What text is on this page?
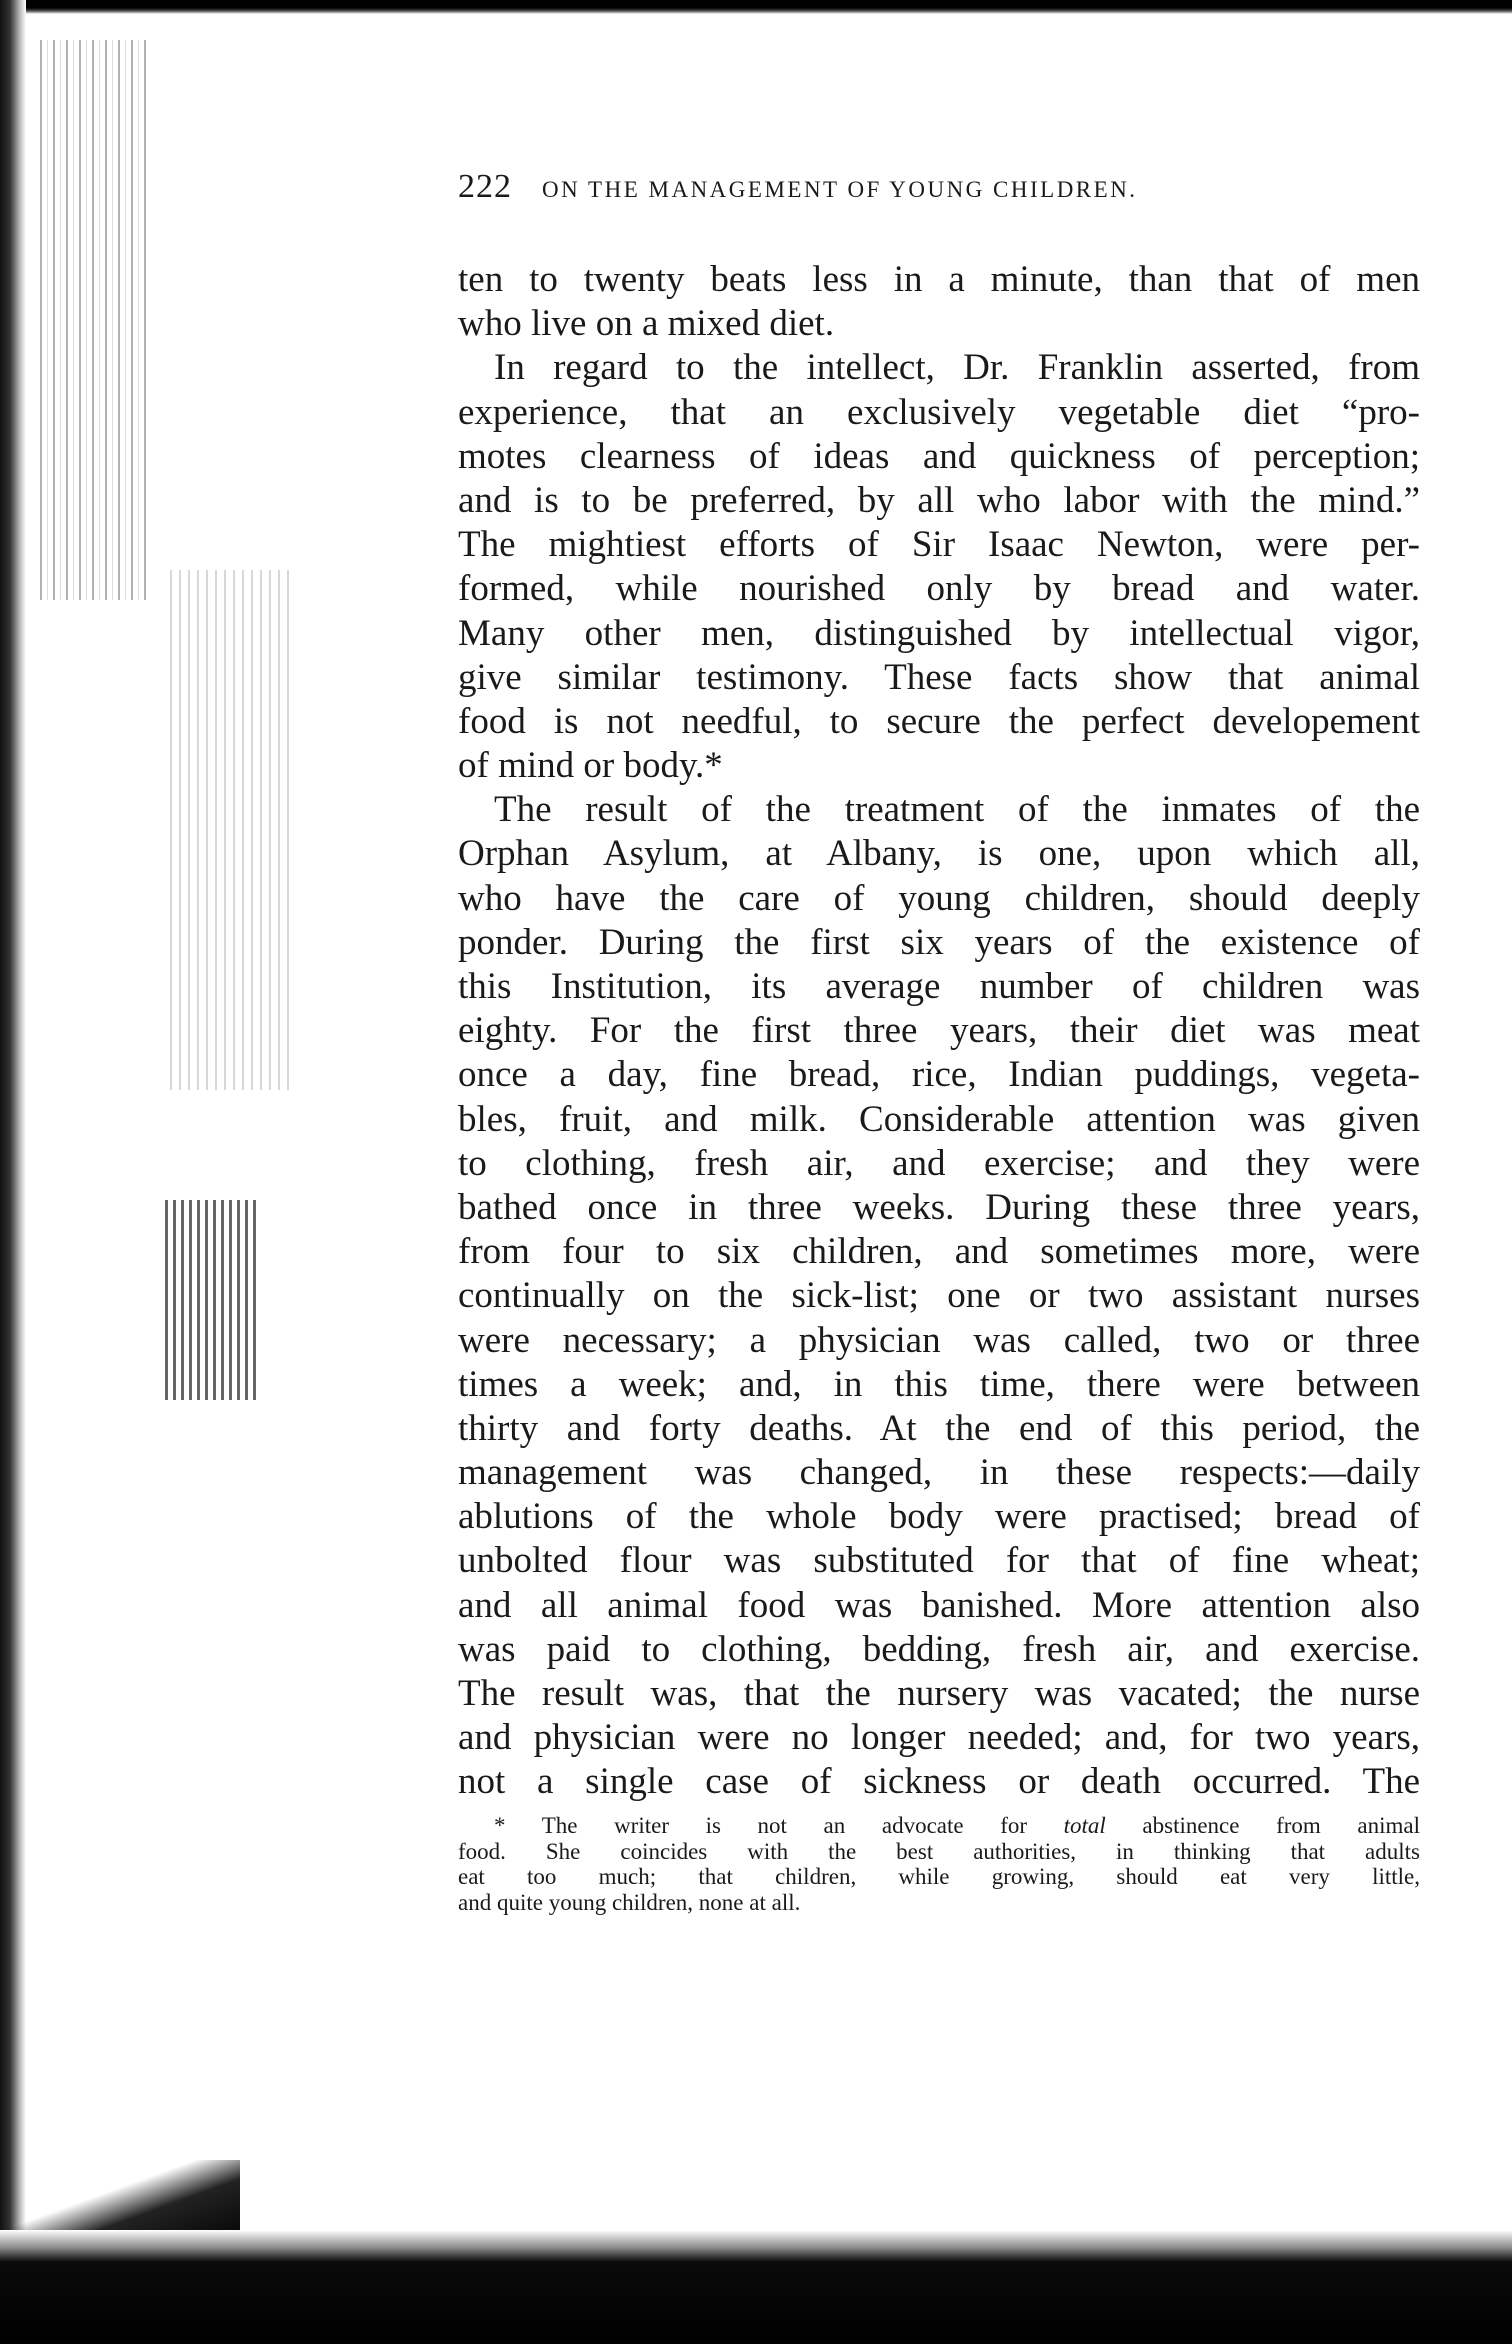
222 ON THE MANAGEMENT OF YOUNG CHILDREN.
ten to twenty beats less in a minute, than that of men
who live on a mixed diet.
In regard to the intellect, Dr. Franklin asserted, from
experience, that an exclusively vegetable diet “pro-
motes clearness of ideas and quickness of perception;
and is to be preferred, by all who labor with the mind.”
The mightiest efforts of Sir Isaac Newton, were per-
formed, while nourished only by bread and water.
Many other men, distinguished by intellectual vigor,
give similar testimony. These facts show that animal
food is not needful, to secure the perfect developement
of mind or body.*
The result of the treatment of the inmates of the
Orphan Asylum, at Albany, is one, upon which all,
who have the care of young children, should deeply
ponder. During the first six years of the existence of
this Institution, its average number of children was
eighty. For the first three years, their diet was meat
once a day, fine bread, rice, Indian puddings, vegeta-
bles, fruit, and milk. Considerable attention was given
to clothing, fresh air, and exercise; and they were
bathed once in three weeks. During these three years,
from four to six children, and sometimes more, were
continually on the sick-list; one or two assistant nurses
were necessary; a physician was called, two or three
times a week; and, in this time, there were between
thirty and forty deaths. At the end of this period, the
management was changed, in these respects:—daily
ablutions of the whole body were practised; bread of
unbolted flour was substituted for that of fine wheat;
and all animal food was banished. More attention also
was paid to clothing, bedding, fresh air, and exercise.
The result was, that the nursery was vacated; the nurse
and physician were no longer needed; and, for two years,
not a single case of sickness or death occurred. The
* The writer is not an advocate for total abstinence from animal
food. She coincides with the best authorities, in thinking that adults
eat too much; that children, while growing, should eat very little,
and quite young children, none at all.
